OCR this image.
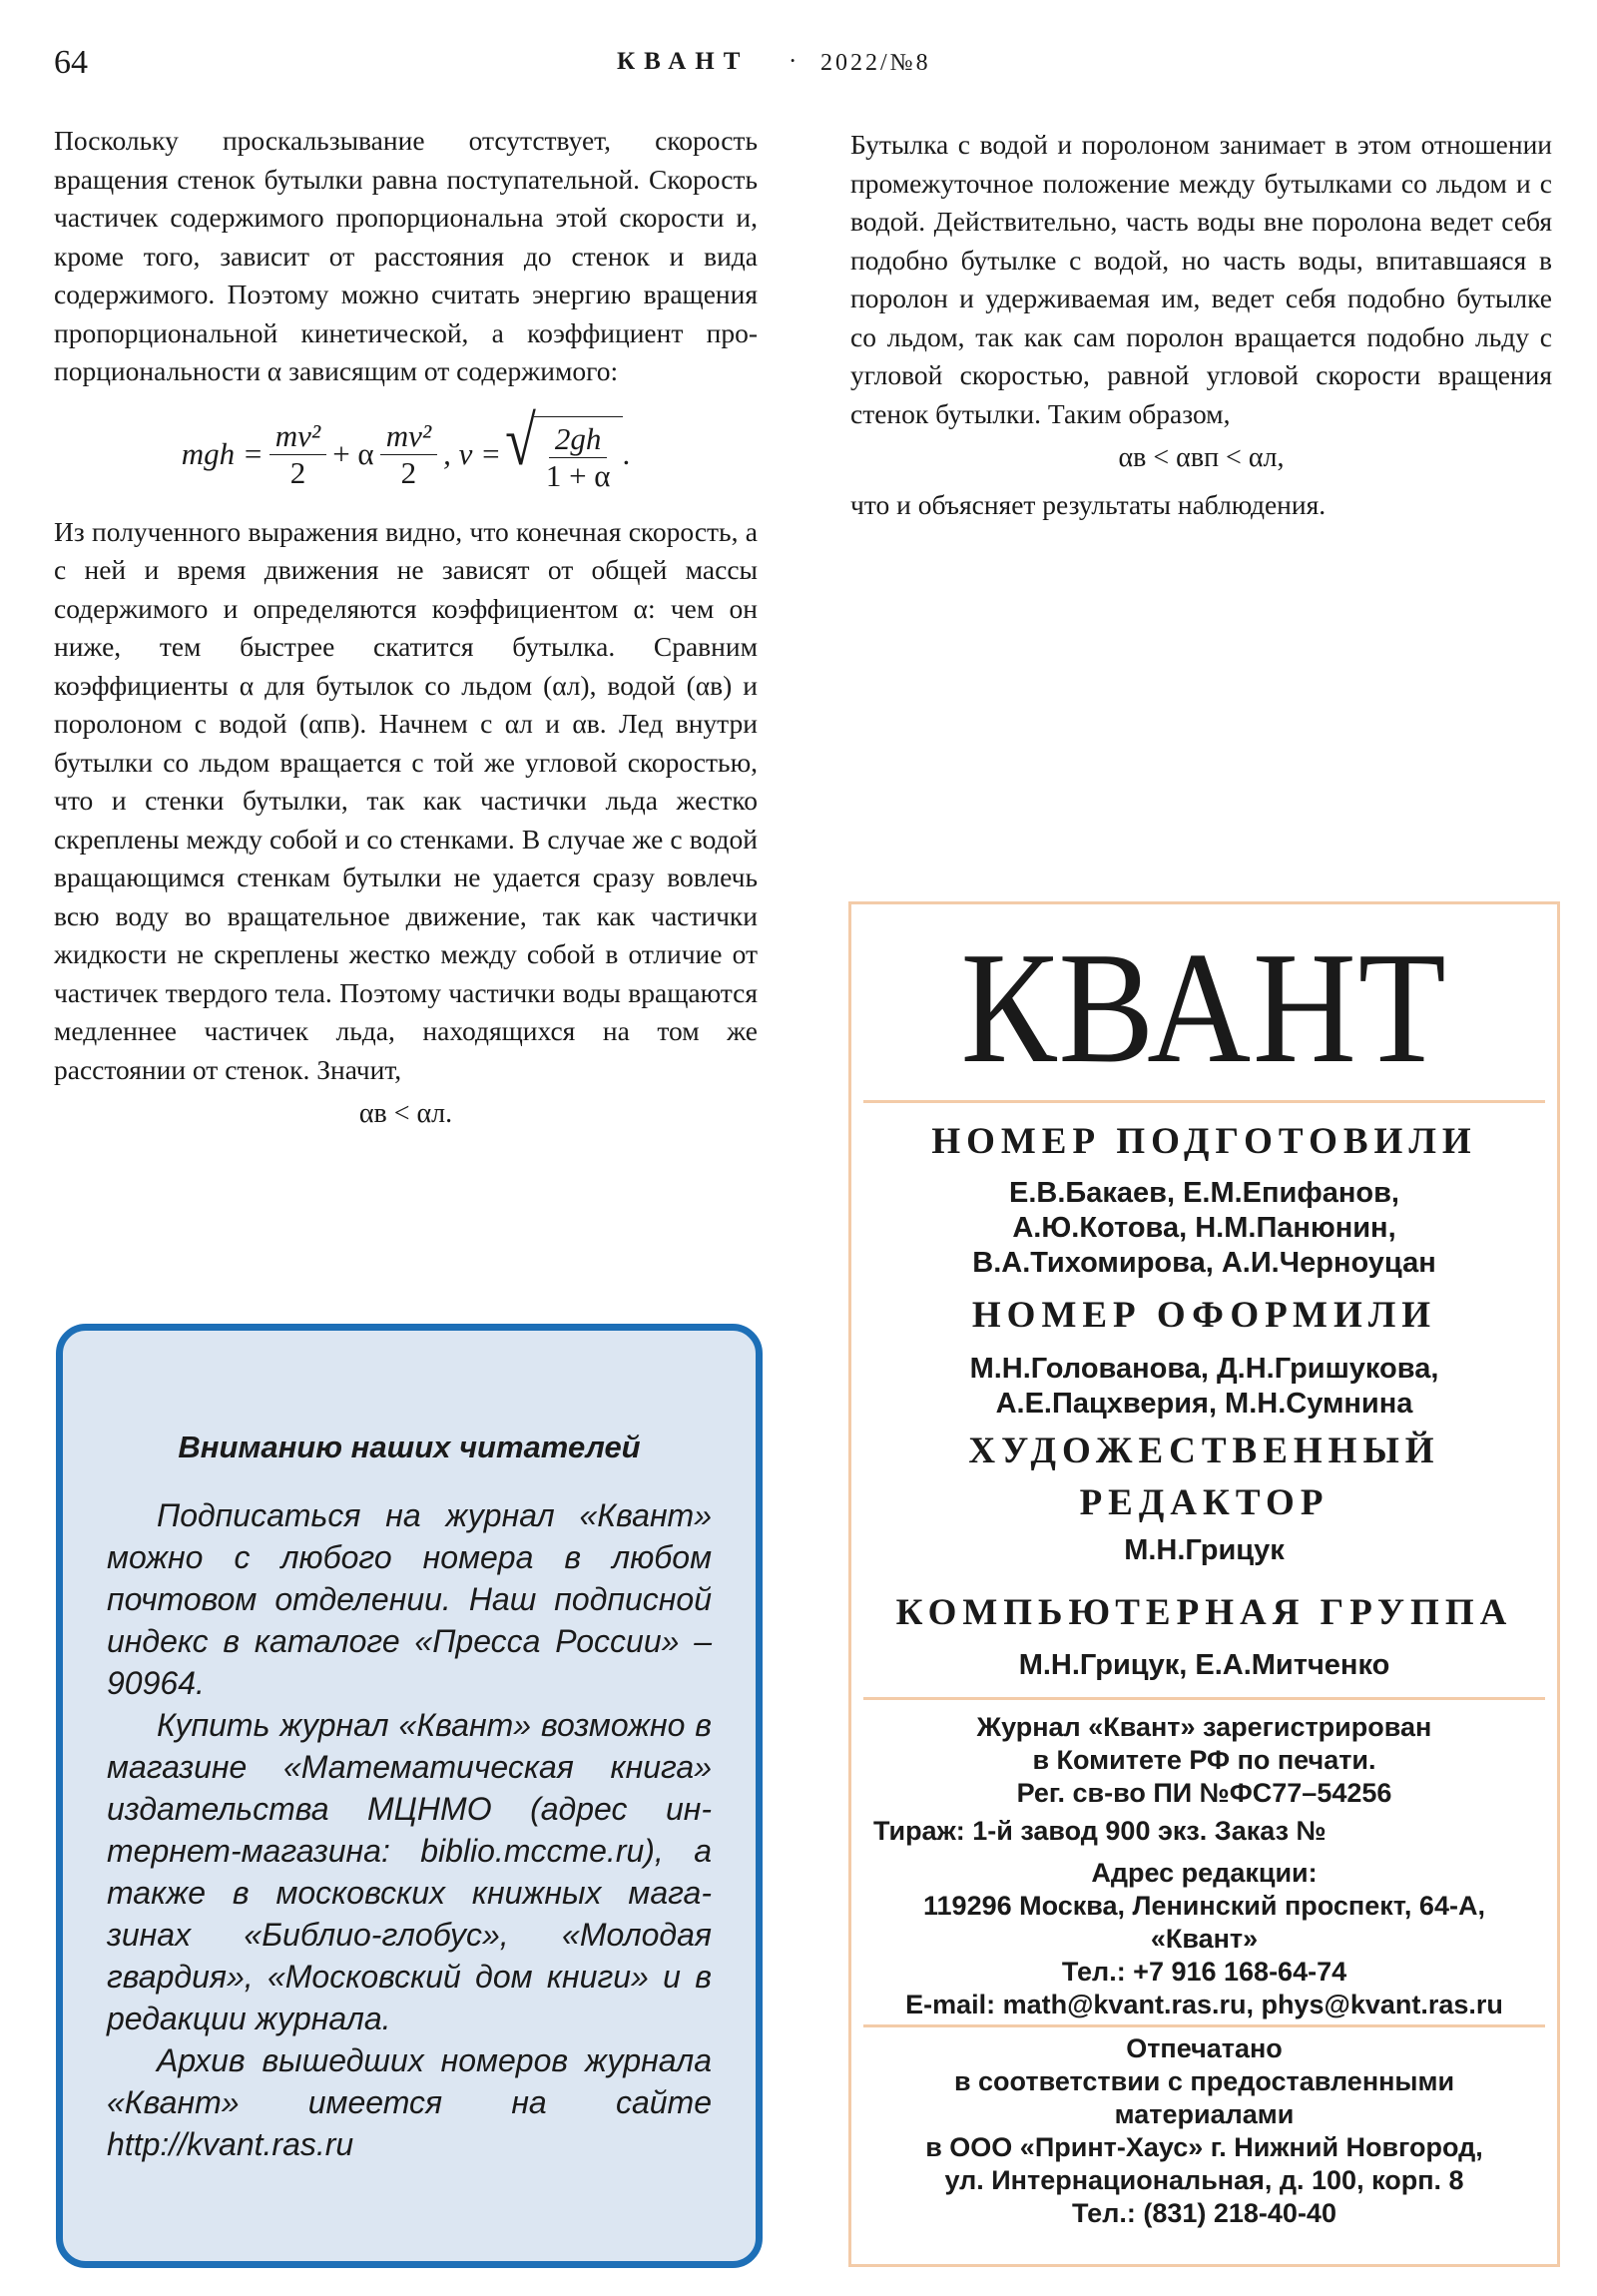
64	КВАНТ · 2022/№8

Поскольку проскальзывание отсутствует, скорость вращения стенок бутылки равна поступательной. Скорость частичек содержимого пропорциональна этой скорости и, кроме того, зависит от расстояния до стенок и вида содержимого. Поэтому можно считать энергию вращения пропорциональной кинетической, а коэффициент пропорциональности α зависящим от содержимого:

mgh = $\frac{\text{mv²}}{2} + \alpha \frac{\text{mv²}}{2}$ , v = √ $\frac{2gh}{1 + \alpha}$ .

Из полученного выражения видно, что конечная скорость, а с ней и время движения не зависят от общей массы содержимого и определяются коэффициентом α: чем он ниже, тем быстрее скатится бутылка. Сравним коэффициенты α для бутылок со льдом (αл), водой (αв) и поролоном с водой (αпв). Начнем с αл и αв. Лед внутри бутылки со льдом вращается с той же угловой скоростью, что и стенки бутылки, так как частички льда жестко скреплены между собой и со стенками. В случае же с водой вращающимся стенкам бутылки не удается сразу вовлечь всю воду во вращательное движение, так как частички жидкости не скреплены жестко между собой в отличие от частичек твердого тела. Поэтому частички воды вращаются медленнее частичек льда, находящихся на том же расстоянии от стенок. Значит,

αв < αл.

Бутылка с водой и поролоном занимает в этом отношении промежуточное положение между бутылками со льдом и с водой. Действительно, часть воды вне поролона ведет себя подобно бутылке с водой, но часть воды, впитавшаяся в поролон и удерживаемая им, ведет себя подобно бутылке со льдом, так как сам поролон вращается подобно льду с угловой скоростью, равной угловой скорости вращения стенок бутылки. Таким образом,

αв < αвп < αл,

что и объясняет результаты наблюдения.

Вниманию наших читателей

Подписаться на журнал «Квант» можно с любого номера в любом почтовом отделении. Наш подписной индекс в каталоге «Пресса России» – 90964.

Купить журнал «Квант» возможно в магазине «Математическая книга» издательства МЦНМО (адрес интернет-магазина: biblio.mccme.ru), а также в московских книжных магазинах «Библио-глобус», «Молодая гвардия», «Московский дом книги» и в редакции журнала.

Архив вышедших номеров журнала «Квант» имеется на сайте http://kvant.ras.ru

КВАНТ
НОМЕР ПОДГОТОВИЛИ
Е.В.Бакаев, Е.М.Епифанов,
А.Ю.Котова, Н.М.Панюнин,
В.А.Тихомирова, А.И.Черноуцан
НОМЕР ОФОРМИЛИ
М.Н.Голованова, Д.Н.Гришукова,
А.Е.Пацхверия, М.Н.Сумнина
ХУДОЖЕСТВЕННЫЙ
РЕДАКТОР
М.Н.Грицук
КОМПЬЮТЕРНАЯ ГРУППА
М.Н.Грицук, Е.А.Митченко
Журнал «Квант» зарегистрирован
в Комитете РФ по печати.
Рег. св-во ПИ №ФС77–54256
Тираж: 1-й завод 900 экз. Заказ №
Адрес редакции:
119296 Москва, Ленинский проспект, 64-А,
«Квант»
Тел.: +7 916 168-64-74
E-mail: math@kvant.ras.ru, phys@kvant.ras.ru
Отпечатано
в соответствии с предоставленными
материалами
в ООО «Принт-Хаус» г. Нижний Новгород,
ул. Интернациональная, д. 100, корп. 8
Тел.: (831) 218-40-40
